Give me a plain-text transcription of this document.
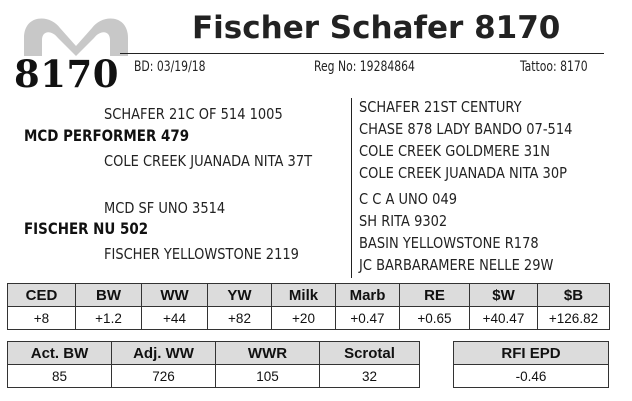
8170
Fischer Schafer 8170
BD: 03/19/18	Reg No: 19284864	Tattoo: 8170
SCHAFER 21C OF 514 1005
MCD PERFORMER 479
COLE CREEK JUANADA NITA 37T
MCD SF UNO 3514
FISCHER NU 502
FISCHER YELLOWSTONE 2119
SCHAFER 21ST CENTURY
CHASE 878 LADY BANDO 07-514
COLE CREEK GOLDMERE 31N
COLE CREEK JUANADA NITA 30P
C C A UNO 049
SH RITA 9302
BASIN YELLOWSTONE R178
JC BARBARAMERE NELLE 29W
CED	BW	WW	YW	Milk	Marb	RE	$W	$B
+8	+1.2	+44	+82	+20	+0.47	+0.65	+40.47	+126.82
Act. BW	Adj. WW	WWR	Scrotal
85	726	105	32
RFI EPD
-0.46
